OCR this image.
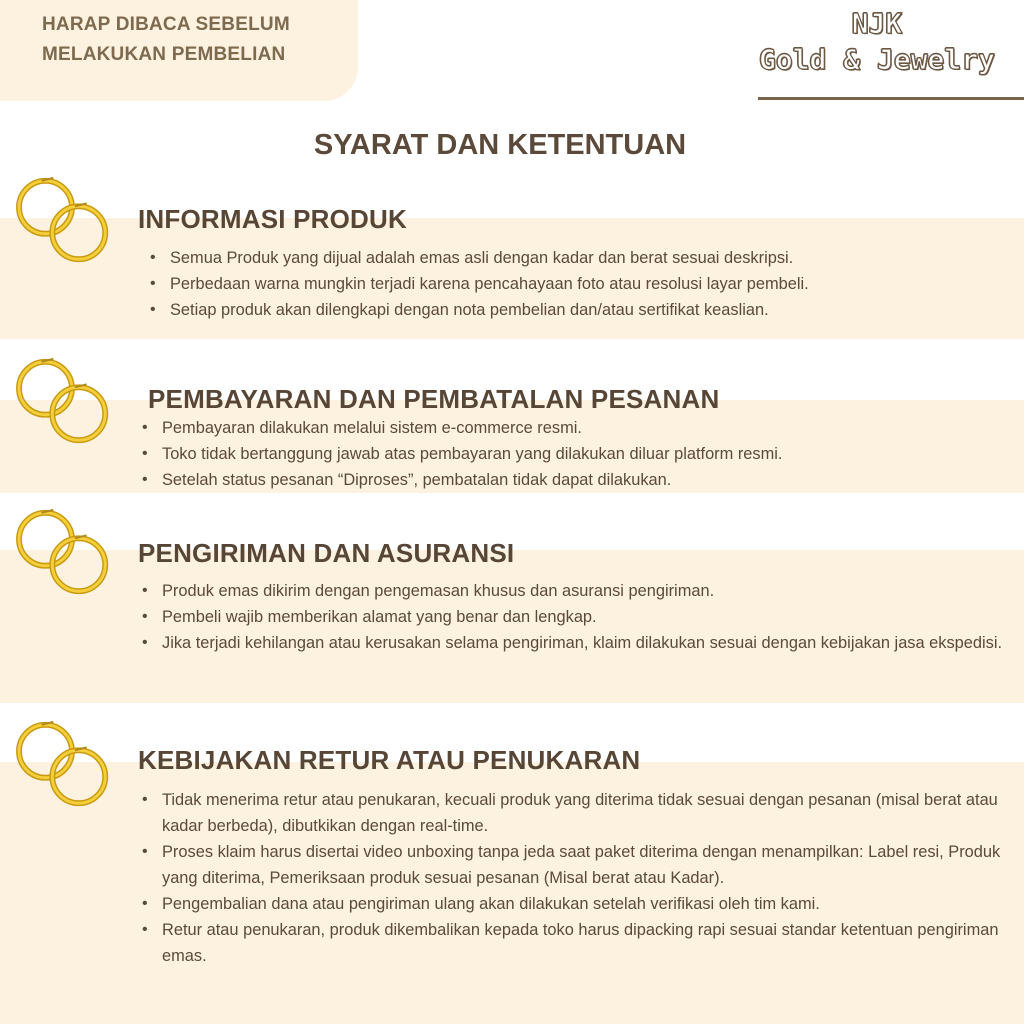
HARAP DIBACA SEBELUM
MELAKUKAN PEMBELIAN
NJK
Gold & Jewelry
SYARAT DAN KETENTUAN
INFORMASI PRODUK
• Semua Produk yang dijual adalah emas asli dengan kadar dan berat sesuai deskripsi.
• Perbedaan warna mungkin terjadi karena pencahayaan foto atau resolusi layar pembeli.
• Setiap produk akan dilengkapi dengan nota pembelian dan/atau sertifikat keaslian.
PEMBAYARAN DAN PEMBATALAN PESANAN
• Pembayaran dilakukan melalui sistem e-commerce resmi.
• Toko tidak bertanggung jawab atas pembayaran yang dilakukan diluar platform resmi.
• Setelah status pesanan “Diproses”, pembatalan tidak dapat dilakukan.
PENGIRIMAN DAN ASURANSI
• Produk emas dikirim dengan pengemasan khusus dan asuransi pengiriman.
• Pembeli wajib memberikan alamat yang benar dan lengkap.
• Jika terjadi kehilangan atau kerusakan selama pengiriman, klaim dilakukan sesuai dengan kebijakan jasa ekspedisi.
KEBIJAKAN RETUR ATAU PENUKARAN
• Tidak menerima retur atau penukaran, kecuali produk yang diterima tidak sesuai dengan pesanan (misal berat atau kadar berbeda), dibutkikan dengan real-time.
• Proses klaim harus disertai video unboxing tanpa jeda saat paket diterima dengan menampilkan: Label resi, Produk yang diterima, Pemeriksaan produk sesuai pesanan (Misal berat atau Kadar).
• Pengembalian dana atau pengiriman ulang akan dilakukan setelah verifikasi oleh tim kami.
• Retur atau penukaran, produk dikembalikan kepada toko harus dipacking rapi sesuai standar ketentuan pengiriman emas.
